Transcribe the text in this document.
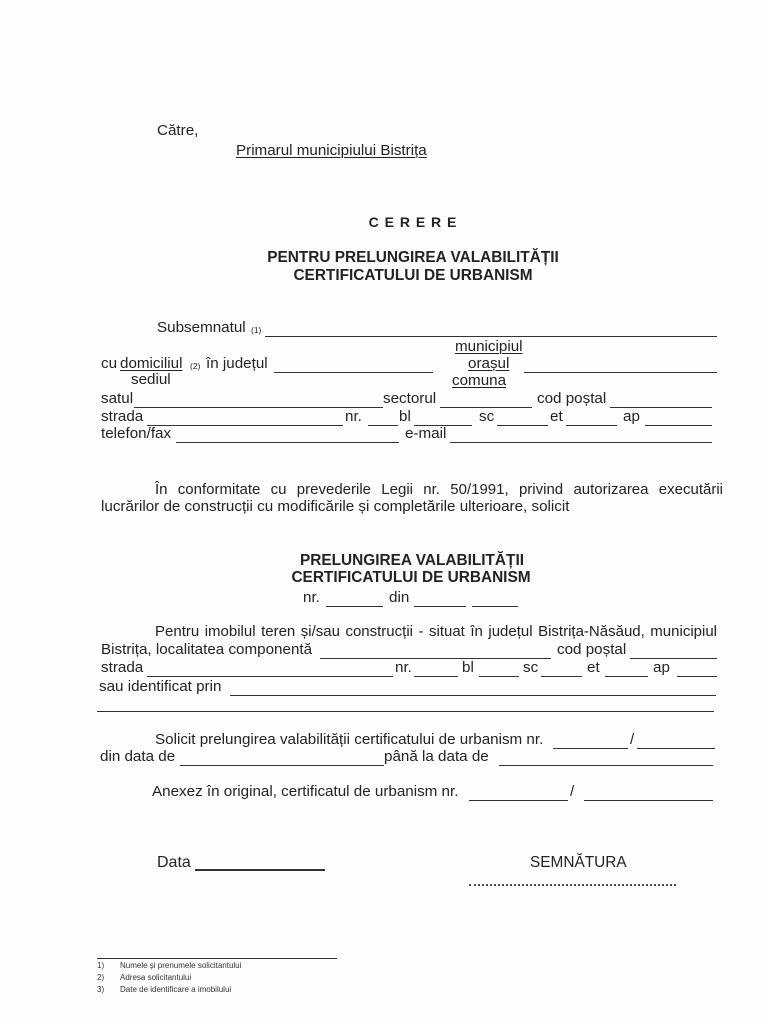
Către,
Primarul municipiului Bistrița
C E R E R E
PENTRU PRELUNGIREA VALABILITĂȚII
CERTIFICATULUI DE URBANISM
Subsemnatul (1)
municipiul
cu domiciliul (2) în județul	orașul
sediul	comuna
satul	sectorul	cod poștal
strada	nr. bl	sc	et	ap
telefon/fax	e-mail
În conformitate cu prevederile Legii nr. 50/1991, privind autorizarea executării
lucrărilor de construcții cu modificările și completările ulterioare, solicit
PRELUNGIREA VALABILITĂȚII
CERTIFICATULUI DE URBANISM
nr.	din
Pentru imobilul teren și/sau construcții - situat în județul Bistrița-Năsăud, municipiul
Bistrița, localitatea componentă	cod poștal
strada	nr.	bl	sc	et	ap
sau identificat prin
Solicit prelungirea valabilității certificatului de urbanism nr.	/
din data de	până la data de
Anexez în original, certificatul de urbanism nr.	/
Data	SEMNĂTURA
1) Numele și prenumele solicitantului
2) Adresa solicitantului
3) Date de identificare a imobilului
